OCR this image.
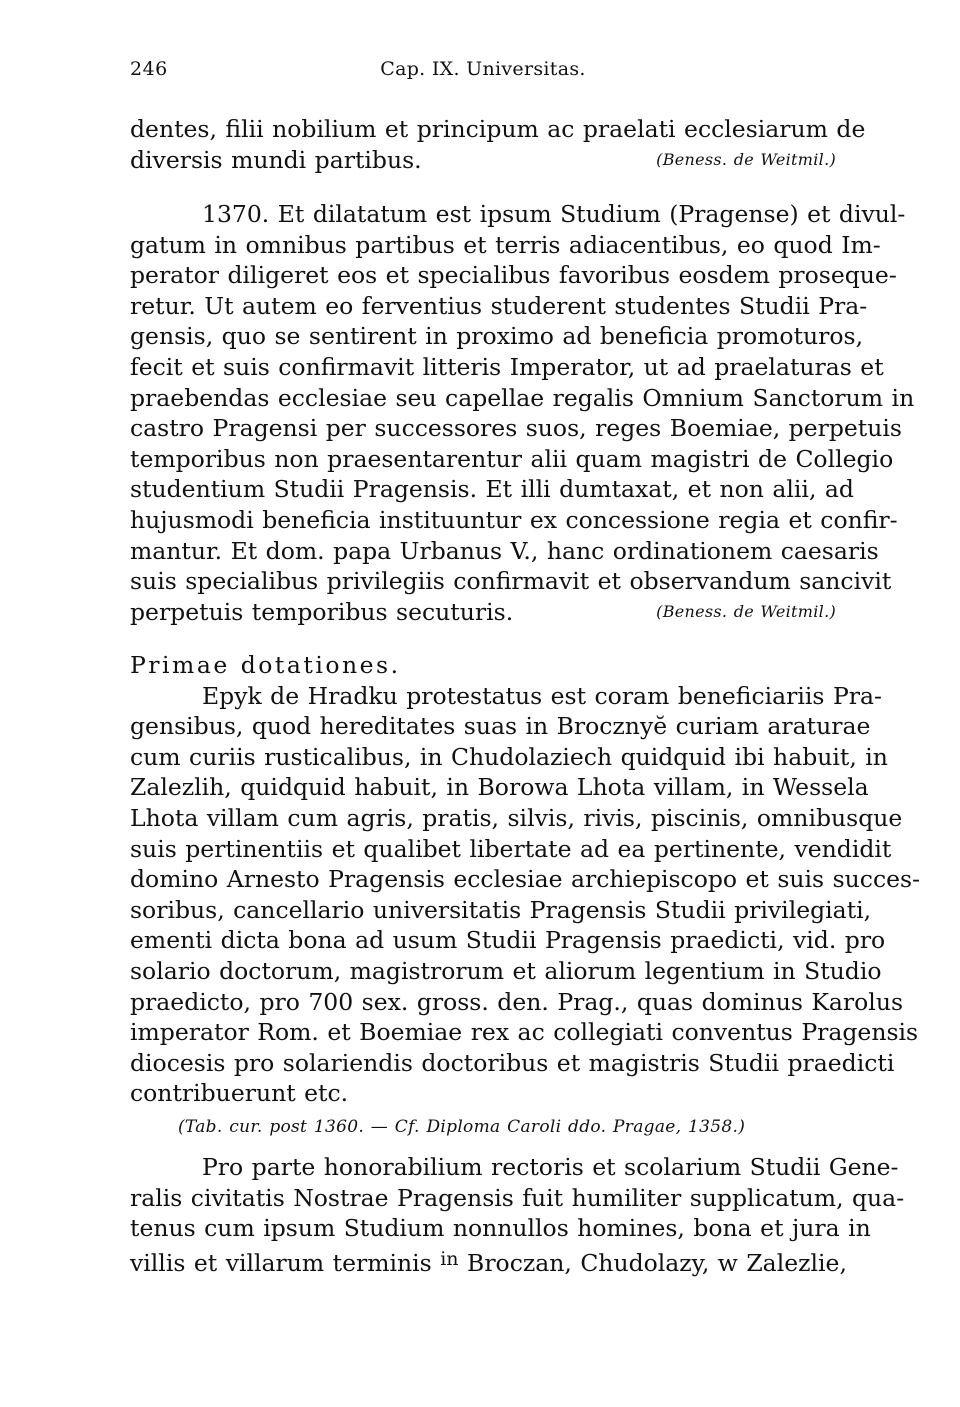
246	Cap. IX. Universitas.
dentes, filii nobilium et principum ac praelati ecclesiarum de
diversis mundi partibus.	(Beness. de Weitmil.)
1370. Et dilatatum est ipsum Studium (Pragense) et divul-
gatum in omnibus partibus et terris adiacentibus, eo quod Im-
perator diligeret eos et specialibus favoribus eosdem proseque-
retur. Ut autem eo ferventius studerent studentes Studii Pra-
gensis, quo se sentirent in proximo ad beneficia promoturos,
fecit et suis confirmavit litteris Imperator, ut ad praelaturas et
praebendas ecclesiae seu capellae regalis Omnium Sanctorum in
castro Pragensi per successores suos, reges Boemiae, perpetuis
temporibus non praesentarentur alii quam magistri de Collegio
studentium Studii Pragensis. Et illi dumtaxat, et non alii, ad
hujusmodi beneficia instituuntur ex concessione regia et confir-
mantur. Et dom. papa Urbanus V., hanc ordinationem caesaris
suis specialibus privilegiis confirmavit et observandum sancivit
perpetuis temporibus secuturis.	(Beness. de Weitmil.)
Primae dotationes.
Epyk de Hradku protestatus est coram beneficiariis Pra-
gensibus, quod hereditates suas in Brocznyĕ curiam araturae
cum curiis rusticalibus, in Chudolaziech quidquid ibi habuit, in
Zalezlih, quidquid habuit, in Borowa Lhota villam, in Wessela
Lhota villam cum agris, pratis, silvis, rivis, piscinis, omnibusque
suis pertinentiis et qualibet libertate ad ea pertinente, vendidit
domino Arnesto Pragensis ecclesiae archiepiscopo et suis succes-
soribus, cancellario universitatis Pragensis Studii privilegiati,
ementi dicta bona ad usum Studii Pragensis praedicti, vid. pro
solario doctorum, magistrorum et aliorum legentium in Studio
praedicto, pro 700 sex. gross. den. Prag., quas dominus Karolus
imperator Rom. et Boemiae rex ac collegiati conventus Pragensis
diocesis pro solariendis doctoribus et magistris Studii praedicti
contribuerunt etc.
(Tab. cur. post 1360. — Cf. Diploma Caroli ddo. Pragae, 1358.)
Pro parte honorabilium rectoris et scolarium Studii Gene-
ralis civitatis Nostrae Pragensis fuit humiliter supplicatum, qua-
tenus cum ipsum Studium nonnullos homines, bona et jura in
villis et villarum terminis $^{in}$ Broczan, Chudolazy, w Zalezlie,
